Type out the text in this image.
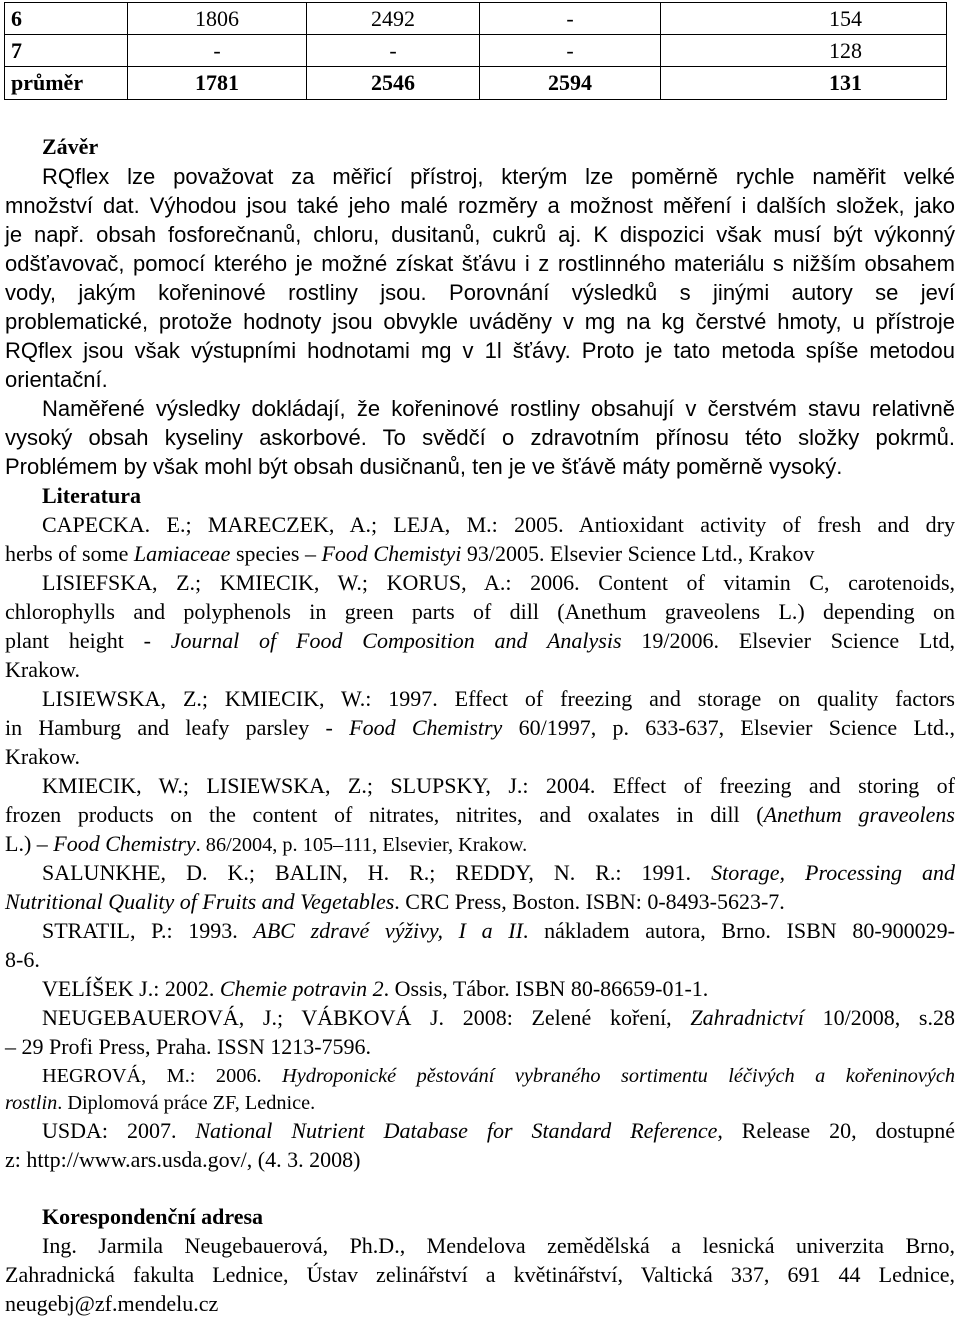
6	1806	2492	-	154
7	-	-	-	128
průměr	1781	2546	2594	131
Závěr
RQflex lze považovat za měřicí přístroj, kterým lze poměrně rychle naměřit velké
množství dat. Výhodou jsou také jeho malé rozměry a možnost měření i dalších složek, jako
je např. obsah fosforečnanů, chloru, dusitanů, cukrů aj. K dispozici však musí být výkonný
odšťavovač, pomocí kterého je možné získat šťávu i z rostlinného materiálu s nižším obsahem
vody, jakým kořeninové rostliny jsou. Porovnání výsledků s jinými autory se jeví
problematické, protože hodnoty jsou obvykle uváděny v mg na kg čerstvé hmoty, u přístroje
RQflex jsou však výstupními hodnotami mg v 1l šťávy. Proto je tato metoda spíše metodou
orientační.
Naměřené výsledky dokládají, že kořeninové rostliny obsahují v čerstvém stavu relativně
vysoký obsah kyseliny askorbové. To svědčí o zdravotním přínosu této složky pokrmů.
Problémem by však mohl být obsah dusičnanů, ten je ve šťávě máty poměrně vysoký.
Literatura
CAPECKA. E.; MARECZEK, A.; LEJA, M.: 2005. Antioxidant activity of fresh and dry
herbs of some Lamiaceae species – Food Chemistyi 93/2005. Elsevier Science Ltd., Krakov
LISIEFSKA, Z.; KMIECIK, W.; KORUS, A.: 2006. Content of vitamin C, carotenoids,
chlorophylls and polyphenols in green parts of dill (Anethum graveolens L.) depending on
plant height - Journal of Food Composition and Analysis 19/2006. Elsevier Science Ltd,
Krakow.
LISIEWSKA, Z.; KMIECIK, W.: 1997. Effect of freezing and storage on quality factors
in Hamburg and leafy parsley - Food Chemistry 60/1997, p. 633-637, Elsevier Science Ltd.,
Krakow.
KMIECIK, W.; LISIEWSKA, Z.; SLUPSKY, J.: 2004. Effect of freezing and storing of
frozen products on the content of nitrates, nitrites, and oxalates in dill (Anethum graveolens
L.) – Food Chemistry. 86/2004, p. 105–111, Elsevier, Krakow.
SALUNKHE, D. K.; BALIN, H. R.; REDDY, N. R.: 1991. Storage, Processing and
Nutritional Quality of Fruits and Vegetables. CRC Press, Boston. ISBN: 0-8493-5623-7.
STRATIL, P.: 1993. ABC zdravé výživy, I a II. nákladem autora, Brno. ISBN 80-900029-
8-6.
VELÍŠEK J.: 2002. Chemie potravin 2. Ossis, Tábor. ISBN 80-86659-01-1.
NEUGEBAUEROVÁ, J.; VÁBKOVÁ J. 2008: Zelené koření, Zahradnictví 10/2008, s.28
– 29 Profi Press, Praha. ISSN 1213-7596.
HEGROVÁ, M.: 2006. Hydroponické pěstování vybraného sortimentu léčivých a kořeninových
rostlin. Diplomová práce ZF, Lednice.
USDA: 2007. National Nutrient Database for Standard Reference, Release 20, dostupné
z: http://www.ars.usda.gov/, (4. 3. 2008)
Korespondenční adresa
Ing. Jarmila Neugebauerová, Ph.D., Mendelova zemědělská a lesnická univerzita Brno,
Zahradnická fakulta Lednice, Ústav zelinářství a květinářství, Valtická 337, 691 44 Lednice,
neugebj@zf.mendelu.cz
